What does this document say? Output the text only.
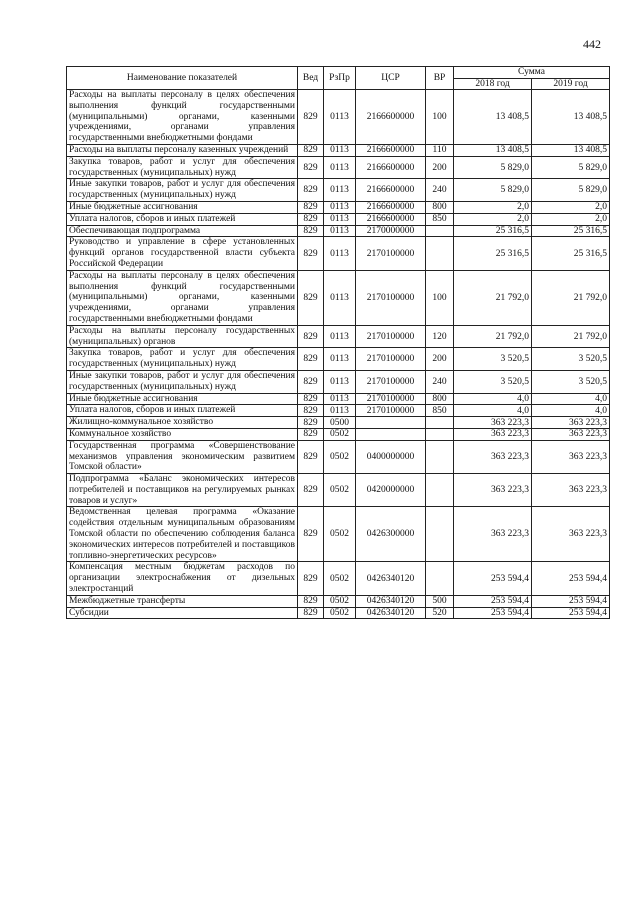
442
Наименование показателей	Вед	РзПр	ЦСР	ВР	Сумма	
					2018 год	2019 год
Расходы на выплаты персоналу в целях обеспечения выполнения функций государственными (муниципальными) органами, казенными учреждениями, органами управления государственными внебюджетными фондами	829	0113	2166600000	100	13 408,5	13 408,5
Расходы на выплаты персоналу казенных учреждений	829	0113	2166600000	110	13 408,5	13 408,5
Закупка товаров, работ и услуг для обеспечения государственных (муниципальных) нужд	829	0113	2166600000	200	5 829,0	5 829,0
Иные закупки товаров, работ и услуг для обеспечения государственных (муниципальных) нужд	829	0113	2166600000	240	5 829,0	5 829,0
Иные бюджетные ассигнования	829	0113	2166600000	800	2,0	2,0
Уплата налогов, сборов и иных платежей	829	0113	2166600000	850	2,0	2,0
Обеспечивающая подпрограмма	829	0113	2170000000		25 316,5	25 316,5
Руководство и управление в сфере установленных функций органов государственной власти субъекта Российской Федерации	829	0113	2170100000		25 316,5	25 316,5
Расходы на выплаты персоналу в целях обеспечения выполнения функций государственными (муниципальными) органами, казенными учреждениями, органами управления государственными внебюджетными фондами	829	0113	2170100000	100	21 792,0	21 792,0
Расходы на выплаты персоналу государственных (муниципальных) органов	829	0113	2170100000	120	21 792,0	21 792,0
Закупка товаров, работ и услуг для обеспечения государственных (муниципальных) нужд	829	0113	2170100000	200	3 520,5	3 520,5
Иные закупки товаров, работ и услуг для обеспечения государственных (муниципальных) нужд	829	0113	2170100000	240	3 520,5	3 520,5
Иные бюджетные ассигнования	829	0113	2170100000	800	4,0	4,0
Уплата налогов, сборов и иных платежей	829	0113	2170100000	850	4,0	4,0
Жилищно-коммунальное хозяйство	829	0500			363 223,3	363 223,3
Коммунальное хозяйство	829	0502			363 223,3	363 223,3
Государственная программа «Совершенствование механизмов управления экономическим развитием Томской области»	829	0502	0400000000		363 223,3	363 223,3
Подпрограмма «Баланс экономических интересов потребителей и поставщиков на регулируемых рынках товаров и услуг»	829	0502	0420000000		363 223,3	363 223,3
Ведомственная целевая программа «Оказание содействия отдельным муниципальным образованиям Томской области по обеспечению соблюдения баланса экономических интересов потребителей и поставщиков топливно-энергетических ресурсов»	829	0502	0426300000		363 223,3	363 223,3
Компенсация местным бюджетам расходов по организации электроснабжения от дизельных электростанций	829	0502	0426340120		253 594,4	253 594,4
Межбюджетные трансферты	829	0502	0426340120	500	253 594,4	253 594,4
Субсидии	829	0502	0426340120	520	253 594,4	253 594,4
